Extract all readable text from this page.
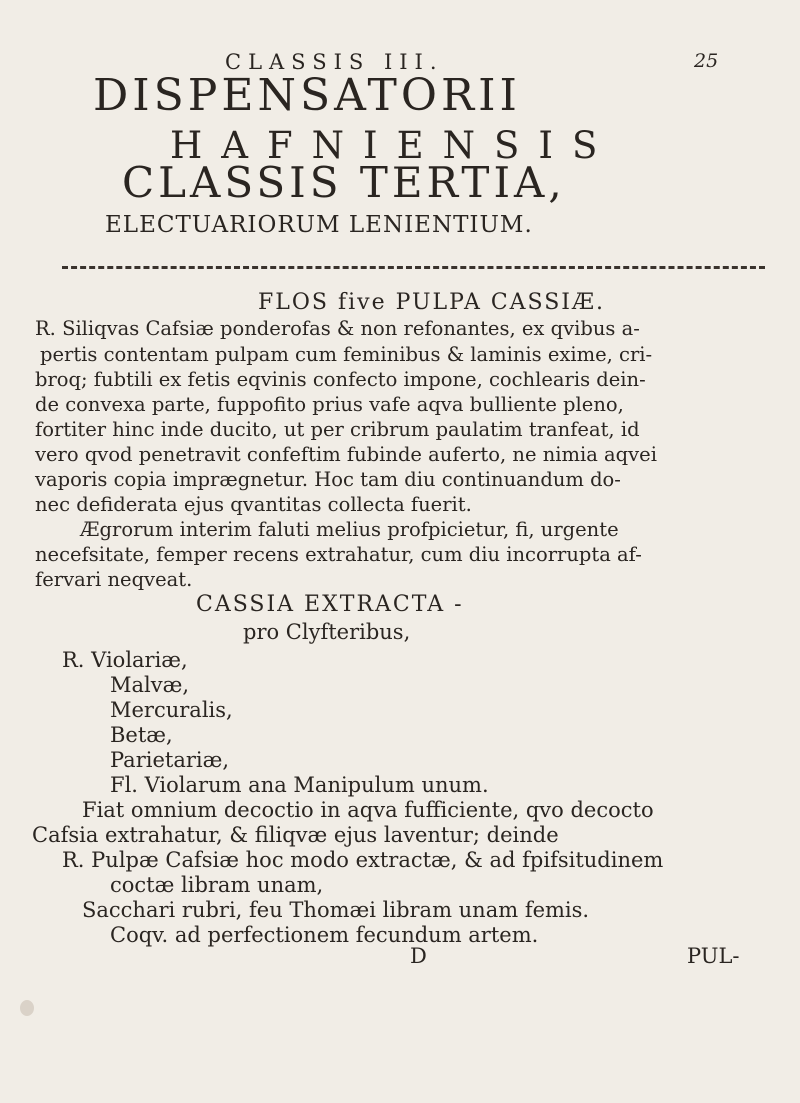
CLASSIS III.	25
DISPENSATORII
HAFNIENSIS
CLASSIS TERTIA,
ELECTUARIORUM LENIENTIUM.
FLOS five PULPA CASSIÆ.
R. Siliqvas Cafsiæ ponderofas & non refonantes, ex qvibus a-
pertis contentam pulpam cum feminibus & laminis exime, cri-
broq; fubtili ex fetis eqvinis confecto impone, cochlearis dein-
de convexa parte, fuppofito prius vafe aqva bulliente pleno,
fortiter hinc inde ducito, ut per cribrum paulatim tranfeat, id
vero qvod penetravit confeftim fubinde auferto, ne nimia aqvei
vaporis copia imprægnetur. Hoc tam diu continuandum do-
nec defiderata ejus qvantitas collecta fuerit.
Ægrorum interim faluti melius profpicietur, fi, urgente
necefsitate, femper recens extrahatur, cum diu incorrupta af-
fervari neqveat.
CASSIA EXTRACTA -
pro Clyfteribus,
R. Violariæ,
Malvæ,
Mercuralis,
Betæ,
Parietariæ,
Fl. Violarum ana Manipulum unum.
Fiat omnium decoctio in aqva fufficiente, qvo decocto
Cafsia extrahatur, & filiqvæ ejus laventur; deinde
R. Pulpæ Cafsiæ hoc modo extractæ, & ad fpifsitudinem
coctæ libram unam,
Sacchari rubri, feu Thomæi libram unam femis.
Coqv. ad perfectionem fecundum artem.
D	PUL-
